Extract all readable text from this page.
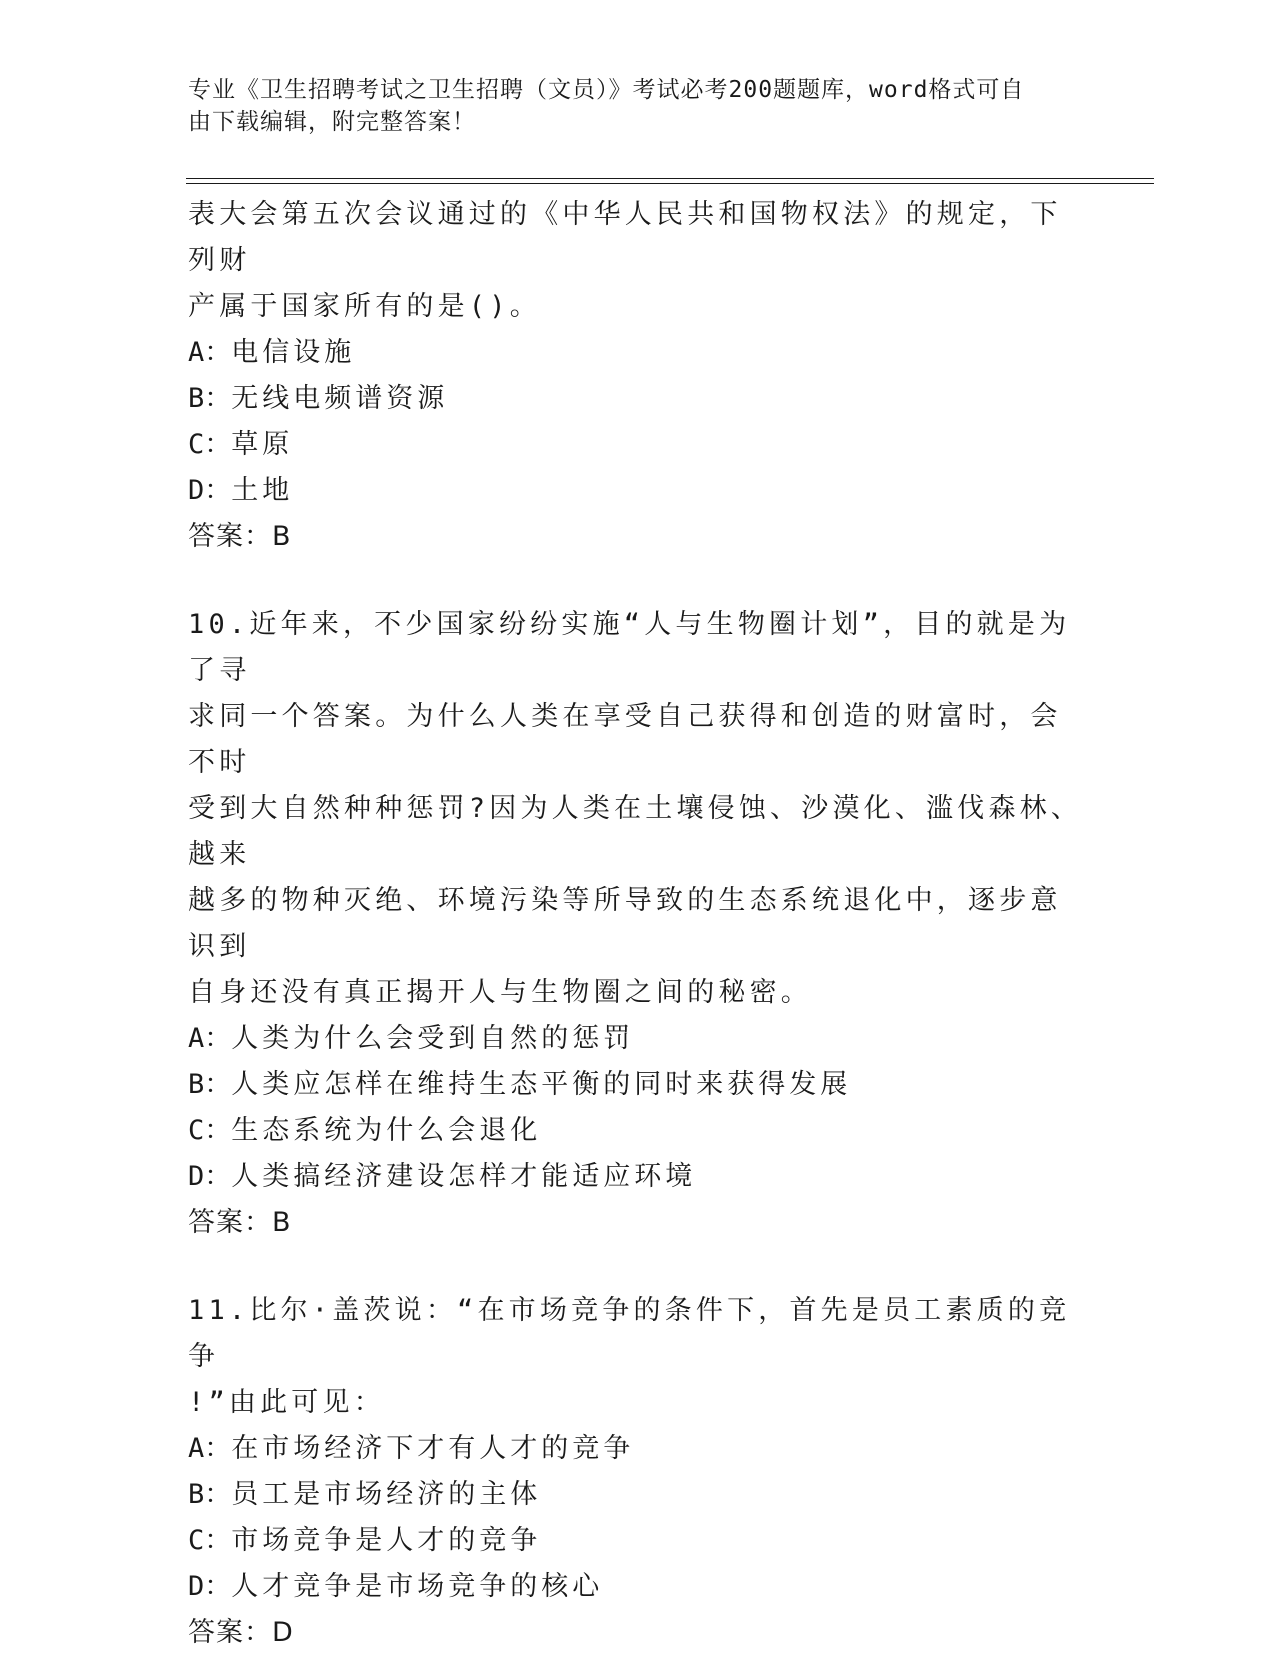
专业《卫生招聘考试之卫生招聘（文员）》考试必考200题题库，word格式可自
由下载编辑，附完整答案！
表大会第五次会议通过的《中华人民共和国物权法》的规定，下列财
产属于国家所有的是()。
A：电信设施
B：无线电频谱资源
C：草原
D：土地
答案：B
10.近年来，不少国家纷纷实施“人与生物圈计划”，目的就是为了寻
求同一个答案。为什么人类在享受自己获得和创造的财富时，会不时
受到大自然种种惩罚?因为人类在土壤侵蚀、沙漠化、滥伐森林、越来
越多的物种灭绝、环境污染等所导致的生态系统退化中，逐步意识到
自身还没有真正揭开人与生物圈之间的秘密。
A：人类为什么会受到自然的惩罚
B：人类应怎样在维持生态平衡的同时来获得发展
C：生态系统为什么会退化
D：人类搞经济建设怎样才能适应环境
答案：B
11.比尔·盖茨说：“在市场竞争的条件下，首先是员工素质的竞争
!”由此可见：
A：在市场经济下才有人才的竞争
B：员工是市场经济的主体
C：市场竞争是人才的竞争
D：人才竞争是市场竞争的核心
答案：D
